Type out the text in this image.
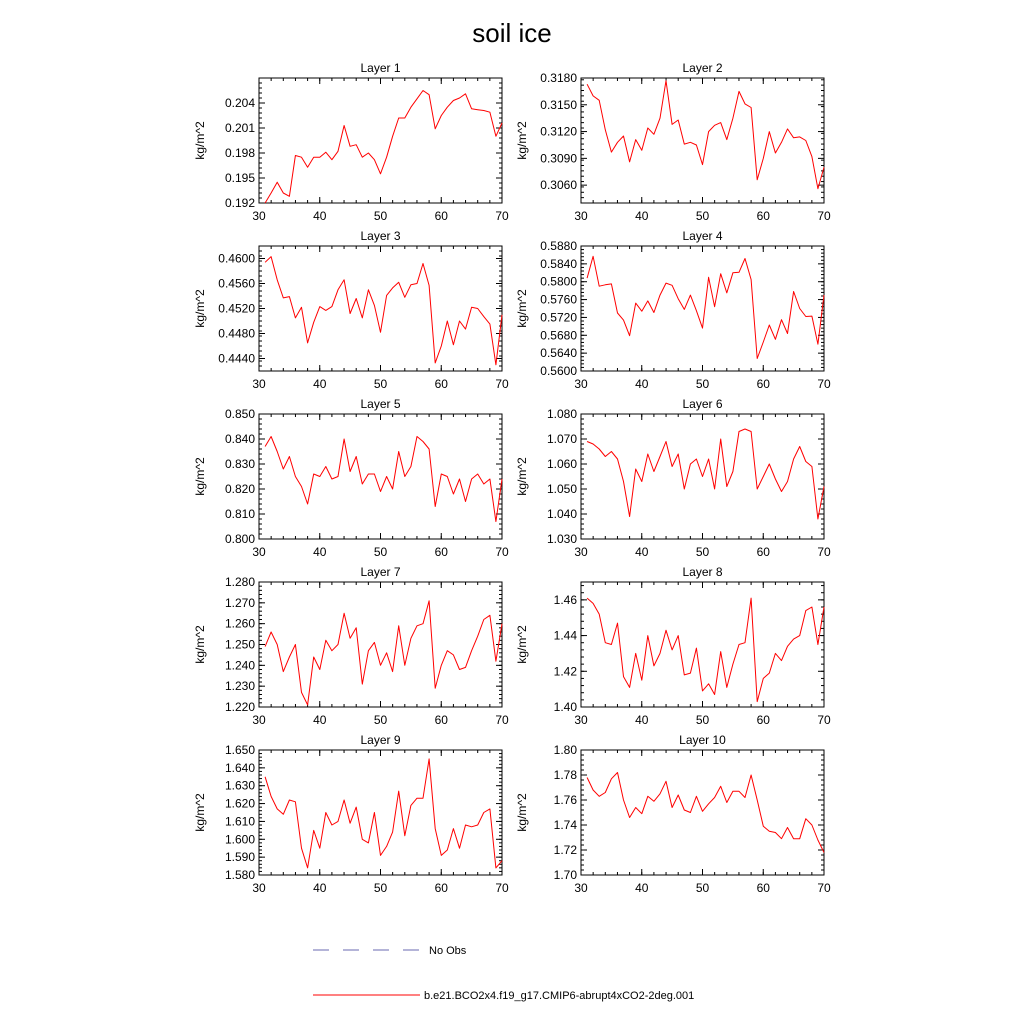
soil ice
30	40	50	60	70
0.192
0.195
0.198
0.201
0.204
Layer 1
kg/m^2
30	40	50	60	70
0.3060
0.3090
0.3120
0.3150
0.3180
Layer 2
kg/m^2
30	40	50	60	70
0.4440
0.4480
0.4520
0.4560
0.4600
Layer 3
kg/m^2
30	40	50	60	70
0.5600
0.5640
0.5680
0.5720
0.5760
0.5800
0.5840
0.5880
Layer 4
kg/m^2
30	40	50	60	70
0.800
0.810
0.820
0.830
0.840
0.850
Layer 5
kg/m^2
30	40	50	60	70
1.030
1.040
1.050
1.060
1.070
1.080
Layer 6
kg/m^2
30	40	50	60	70
1.220
1.230
1.240
1.250
1.260
1.270
1.280
Layer 7
kg/m^2
30	40	50	60	70
1.40
1.42
1.44
1.46
Layer 8
kg/m^2
30	40	50	60	70
1.580
1.590
1.600
1.610
1.620
1.630
1.640
1.650
Layer 9
kg/m^2
30	40	50	60	70
1.70
1.72
1.74
1.76
1.78
1.80
Layer 10
kg/m^2
No Obs
b.e21.BCO2x4.f19_g17.CMIP6-abrupt4xCO2-2deg.001
